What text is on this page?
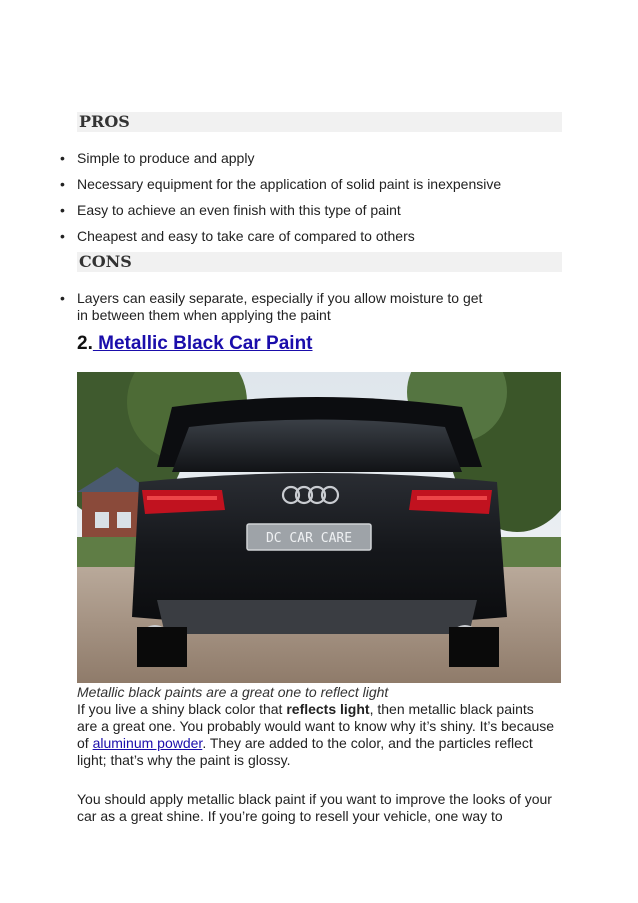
PROS
• Simple to produce and apply
• Necessary equipment for the application of solid paint is inexpensive
• Easy to achieve an even finish with this type of paint
• Cheapest and easy to take care of compared to others
CONS
• Layers can easily separate, especially if you allow moisture to get in between them when applying the paint
2. Metallic Black Car Paint
DC CAR CARE
Metallic black paints are a great one to reflect light

If you live a shiny black color that reflects light, then metallic black paints are a great one. You probably would want to know why it’s shiny. It’s because of aluminum powder. They are added to the color, and the particles reflect light; that’s why the paint is glossy.

You should apply metallic black paint if you want to improve the looks of your car as a great shine. If you’re going to resell your vehicle, one way to
